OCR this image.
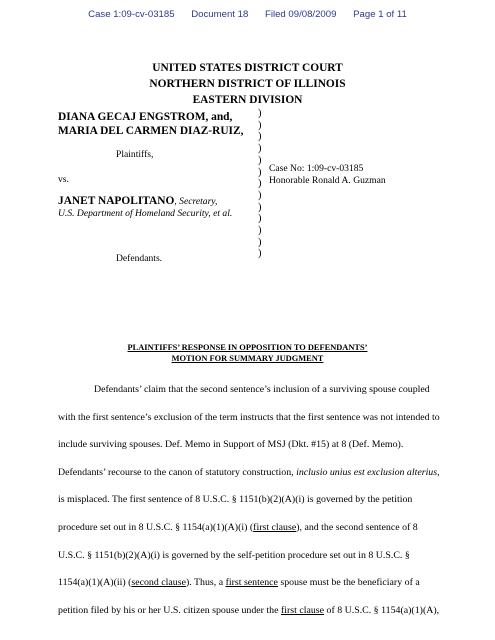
Case 1:09-cv-03185 Document 18 Filed 09/08/2009 Page 1 of 11
UNITED STATES DISTRICT COURT
NORTHERN DISTRICT OF ILLINOIS
EASTERN DIVISION
DIANA GECAJ ENGSTROM, and,
MARIA DEL CARMEN DIAZ-RUIZ,
Plaintiffs,
vs.
JANET NAPOLITANO, Secretary,
U.S. Department of Homeland Security, et al.
Defendants.
)
)
)
)
)
)
)
)
)
)
)
)
)
Case No: 1:09-cv-03185
Honorable Ronald A. Guzman
PLAINTIFFS’ RESPONSE IN OPPOSITION TO DEFENDANTS’
MOTION FOR SUMMARY JUDGMENT

Defendants’ claim that the second sentence’s inclusion of a surviving spouse coupled
with the first sentence’s exclusion of the term instructs that the first sentence was not intended to
include surviving spouses. Def. Memo in Support of MSJ (Dkt. #15) at 8 (Def. Memo).
Defendants’ recourse to the canon of statutory construction, inclusio unius est exclusion alterius,
is misplaced. The first sentence of 8 U.S.C. § 1151(b)(2)(A)(i) is governed by the petition
procedure set out in 8 U.S.C. § 1154(a)(1)(A)(i) (first clause), and the second sentence of 8
U.S.C. § 1151(b)(2)(A)(i) is governed by the self-petition procedure set out in 8 U.S.C. §
1154(a)(1)(A)(ii) (second clause). Thus, a first sentence spouse must be the beneficiary of a
petition filed by his or her U.S. citizen spouse under the first clause of 8 U.S.C. § 1154(a)(1)(A),
